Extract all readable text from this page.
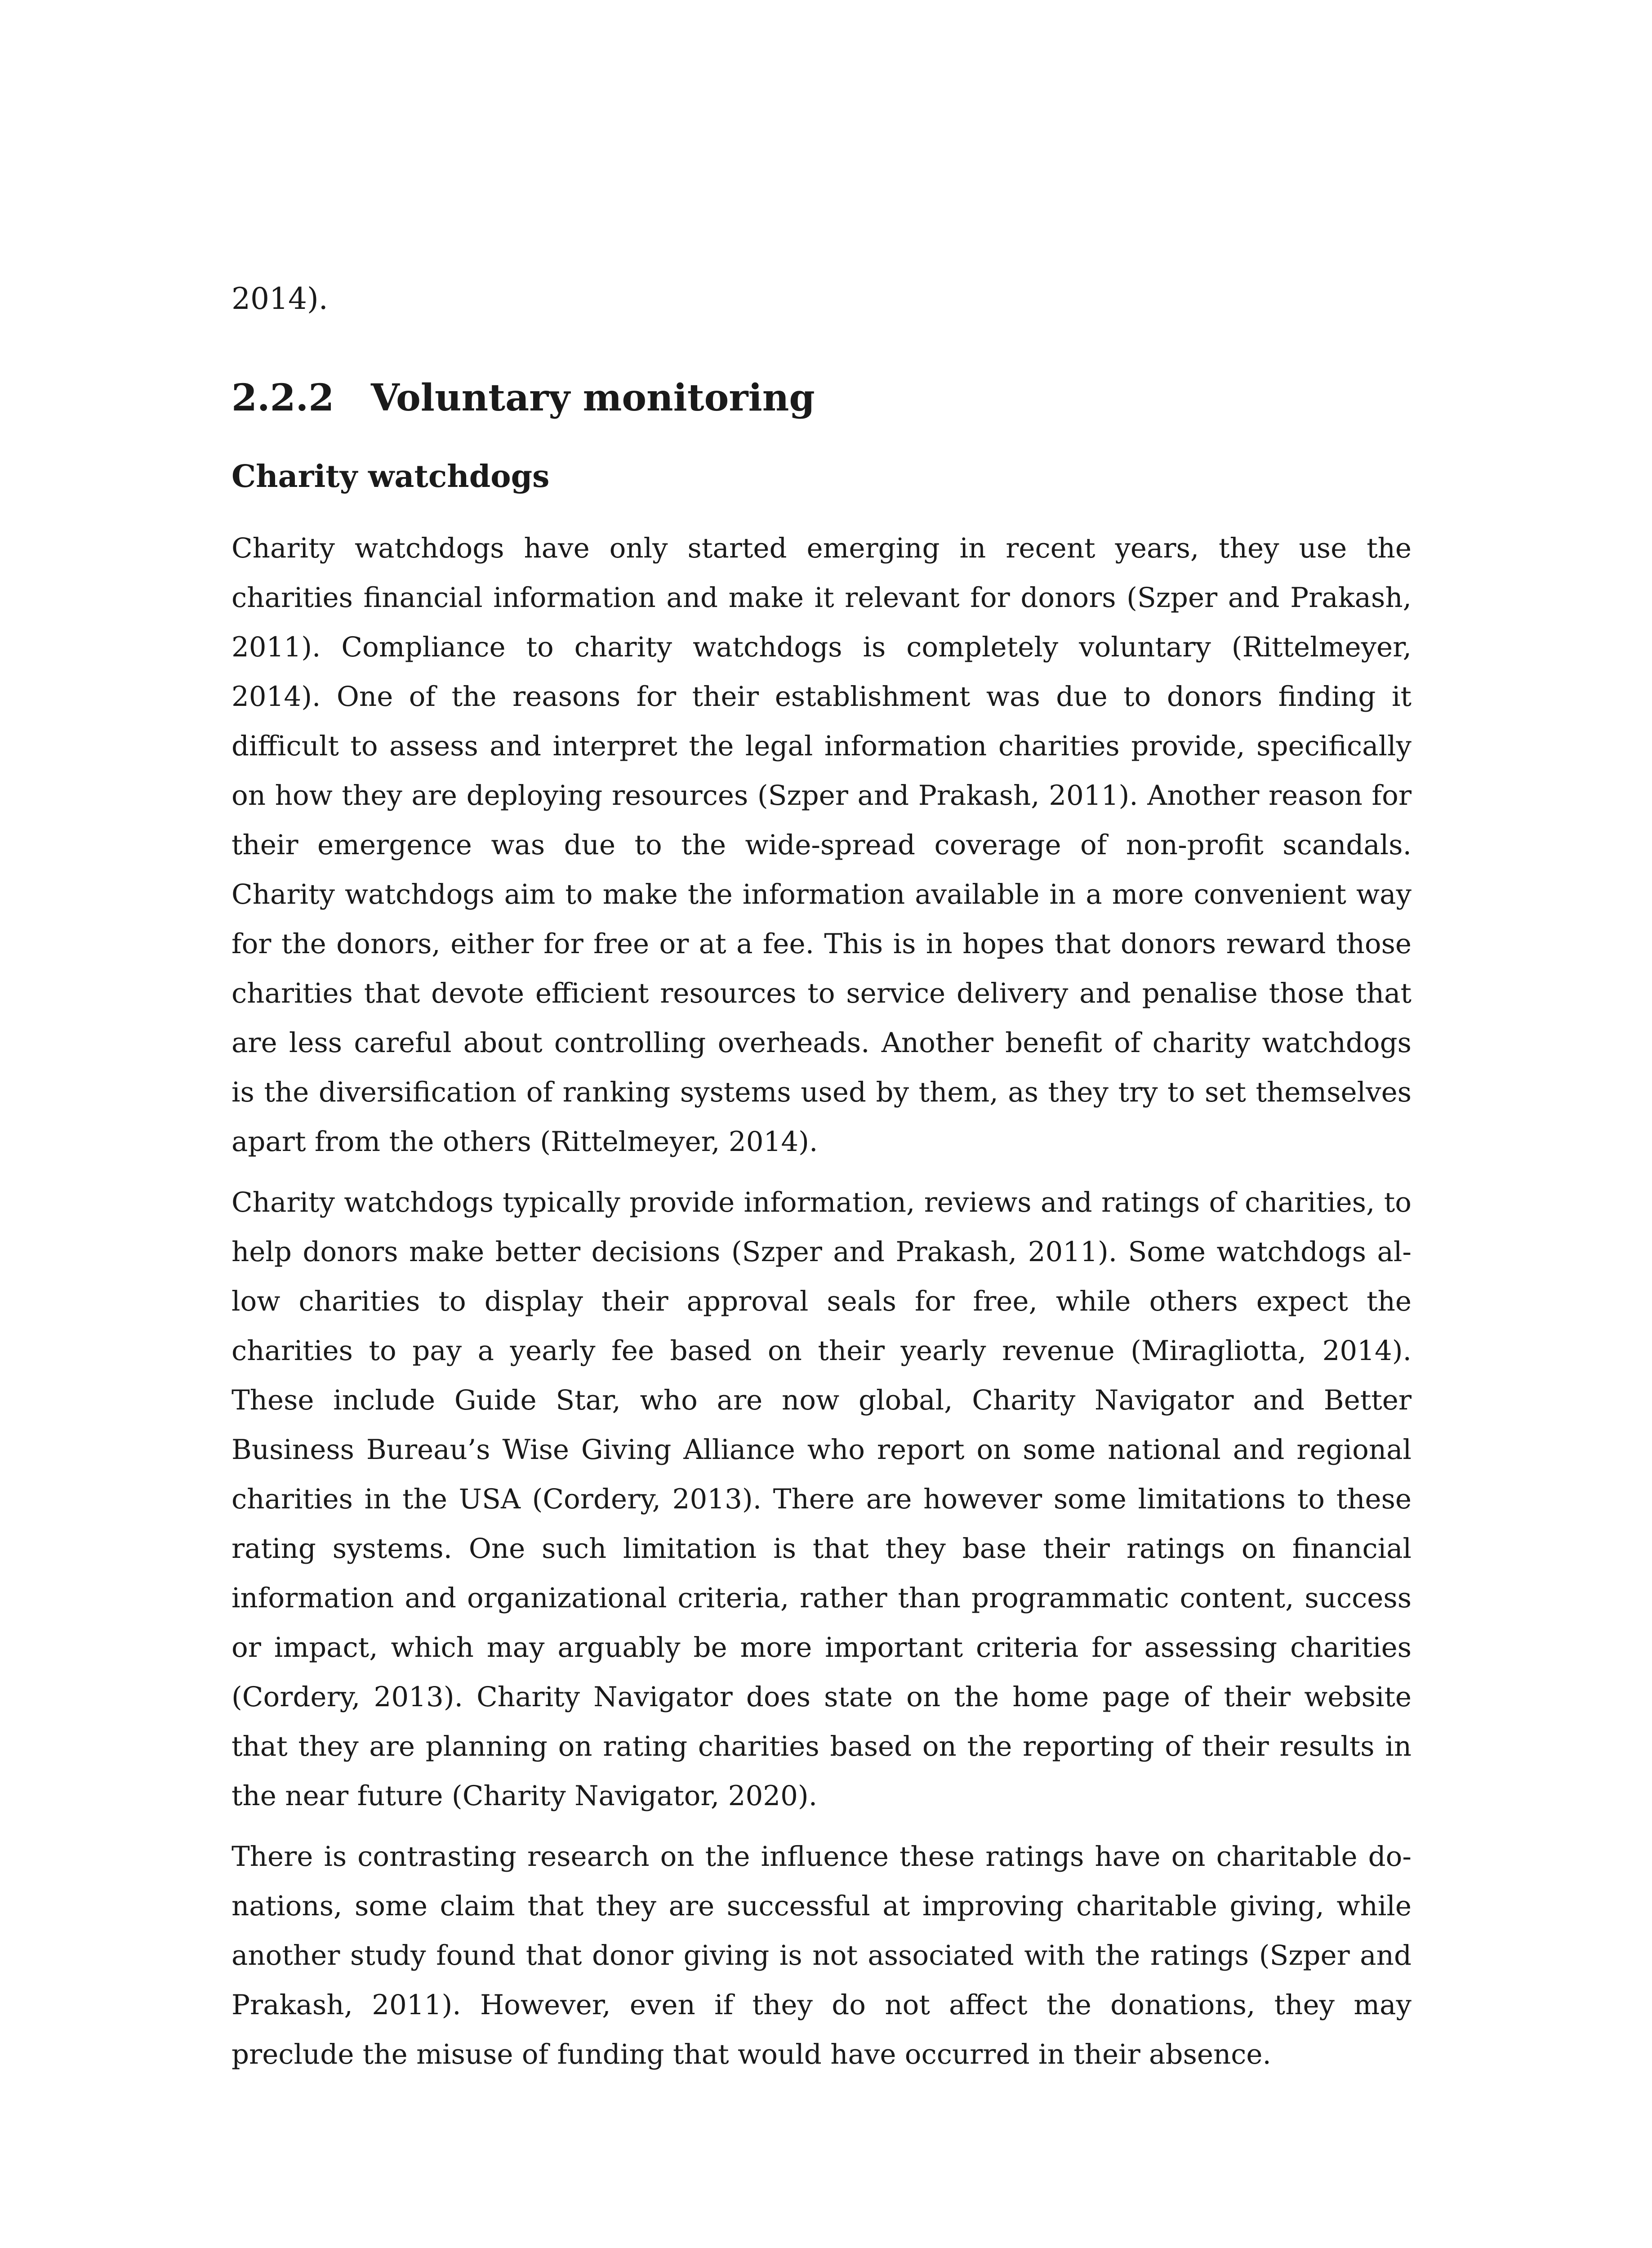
2014).

2.2.2 Voluntary monitoring
Charity watchdogs

Charity watchdogs have only started emerging in recent years, they use the charities financial information and make it relevant for donors (Szper and Prakash, 2011). Compliance to charity watchdogs is completely voluntary (Rittelmeyer, 2014). One of the reasons for their establishment was due to donors finding it difficult to assess and interpret the legal information charities provide, specifically on how they are deploying resources (Szper and Prakash, 2011). Another reason for their emergence was due to the wide-spread coverage of non-profit scandals. Charity watchdogs aim to make the information available in a more convenient way for the donors, either for free or at a fee. This is in hopes that donors reward those charities that devote efficient resources to service delivery and penalise those that are less careful about controlling overheads. Another benefit of charity watchdogs is the diversification of ranking systems used by them, as they try to set themselves apart from the others (Rittelmeyer, 2014).

Charity watchdogs typically provide information, reviews and ratings of charities, to help donors make better decisions (Szper and Prakash, 2011). Some watchdogs allow charities to display their approval seals for free, while others expect the charities to pay a yearly fee based on their yearly revenue (Miragliotta, 2014). These include Guide Star, who are now global, Charity Navigator and Better Business Bureau’s Wise Giving Alliance who report on some national and regional charities in the USA (Cordery, 2013). There are however some limitations to these rating systems. One such limitation is that they base their ratings on financial information and organizational criteria, rather than programmatic content, success or impact, which may arguably be more important criteria for assessing charities (Cordery, 2013). Charity Navigator does state on the home page of their website that they are planning on rating charities based on the reporting of their results in the near future (Charity Navigator, 2020).

There is contrasting research on the influence these ratings have on charitable donations, some claim that they are successful at improving charitable giving, while another study found that donor giving is not associated with the ratings (Szper and Prakash, 2011). However, even if they do not affect the donations, they may preclude the misuse of funding that would have occurred in their absence.
